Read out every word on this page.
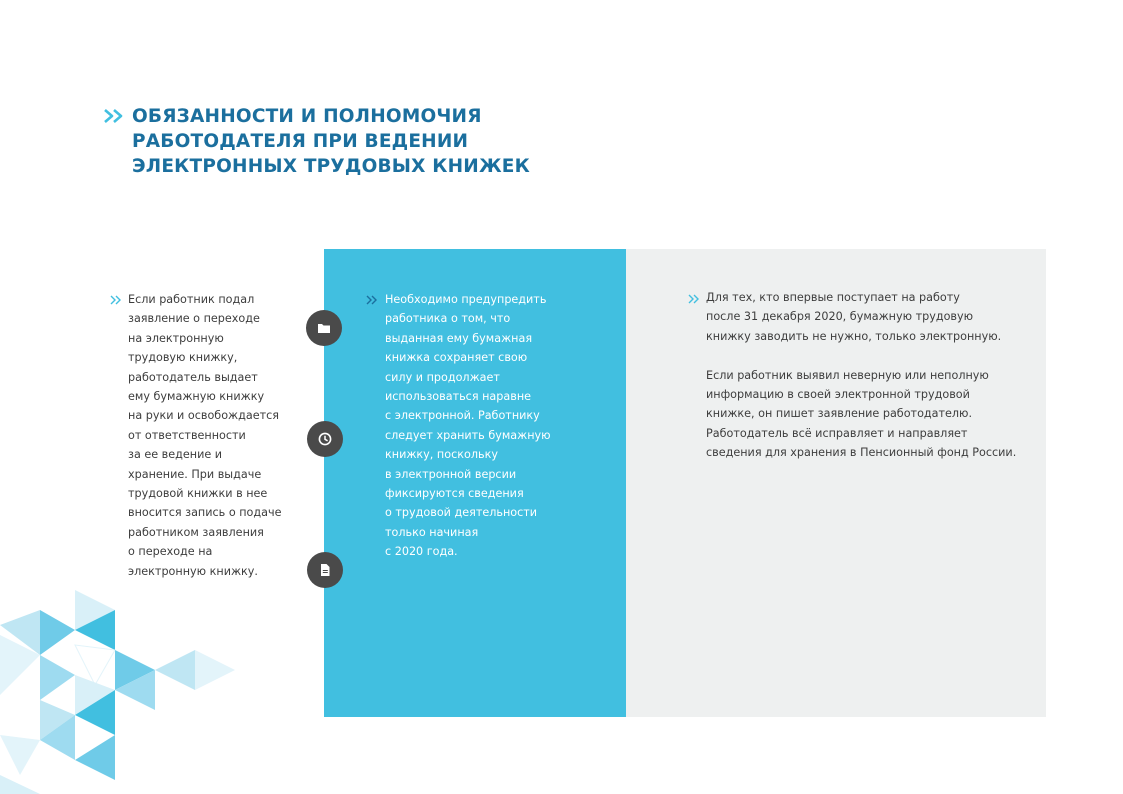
ОБЯЗАННОСТИ И ПОЛНОМОЧИЯ
РАБОТОДАТЕЛЯ ПРИ ВЕДЕНИИ
ЭЛЕКТРОННЫХ ТРУДОВЫХ КНИЖЕК
Если работник подал
заявление о переходе
на электронную
трудовую книжку,
работодатель выдает
ему бумажную книжку
на руки и освобождается
от ответственности
за ее ведение и
хранение. При выдаче
трудовой книжки в нее
вносится запись о подаче
работником заявления
о переходе на
электронную книжку.
Необходимо предупредить
работника о том, что
выданная ему бумажная
книжка сохраняет свою
силу и продолжает
использоваться наравне
с электронной. Работнику
следует хранить бумажную
книжку, поскольку
в электронной версии
фиксируются сведения
о трудовой деятельности
только начиная
с 2020 года.
Для тех, кто впервые поступает на работу
после 31 декабря 2020, бумажную трудовую
книжку заводить не нужно, только электронную.

Если работник выявил неверную или неполную
информацию в своей электронной трудовой
книжке, он пишет заявление работодателю.
Работодатель всё исправляет и направляет
сведения для хранения в Пенсионный фонд России.
